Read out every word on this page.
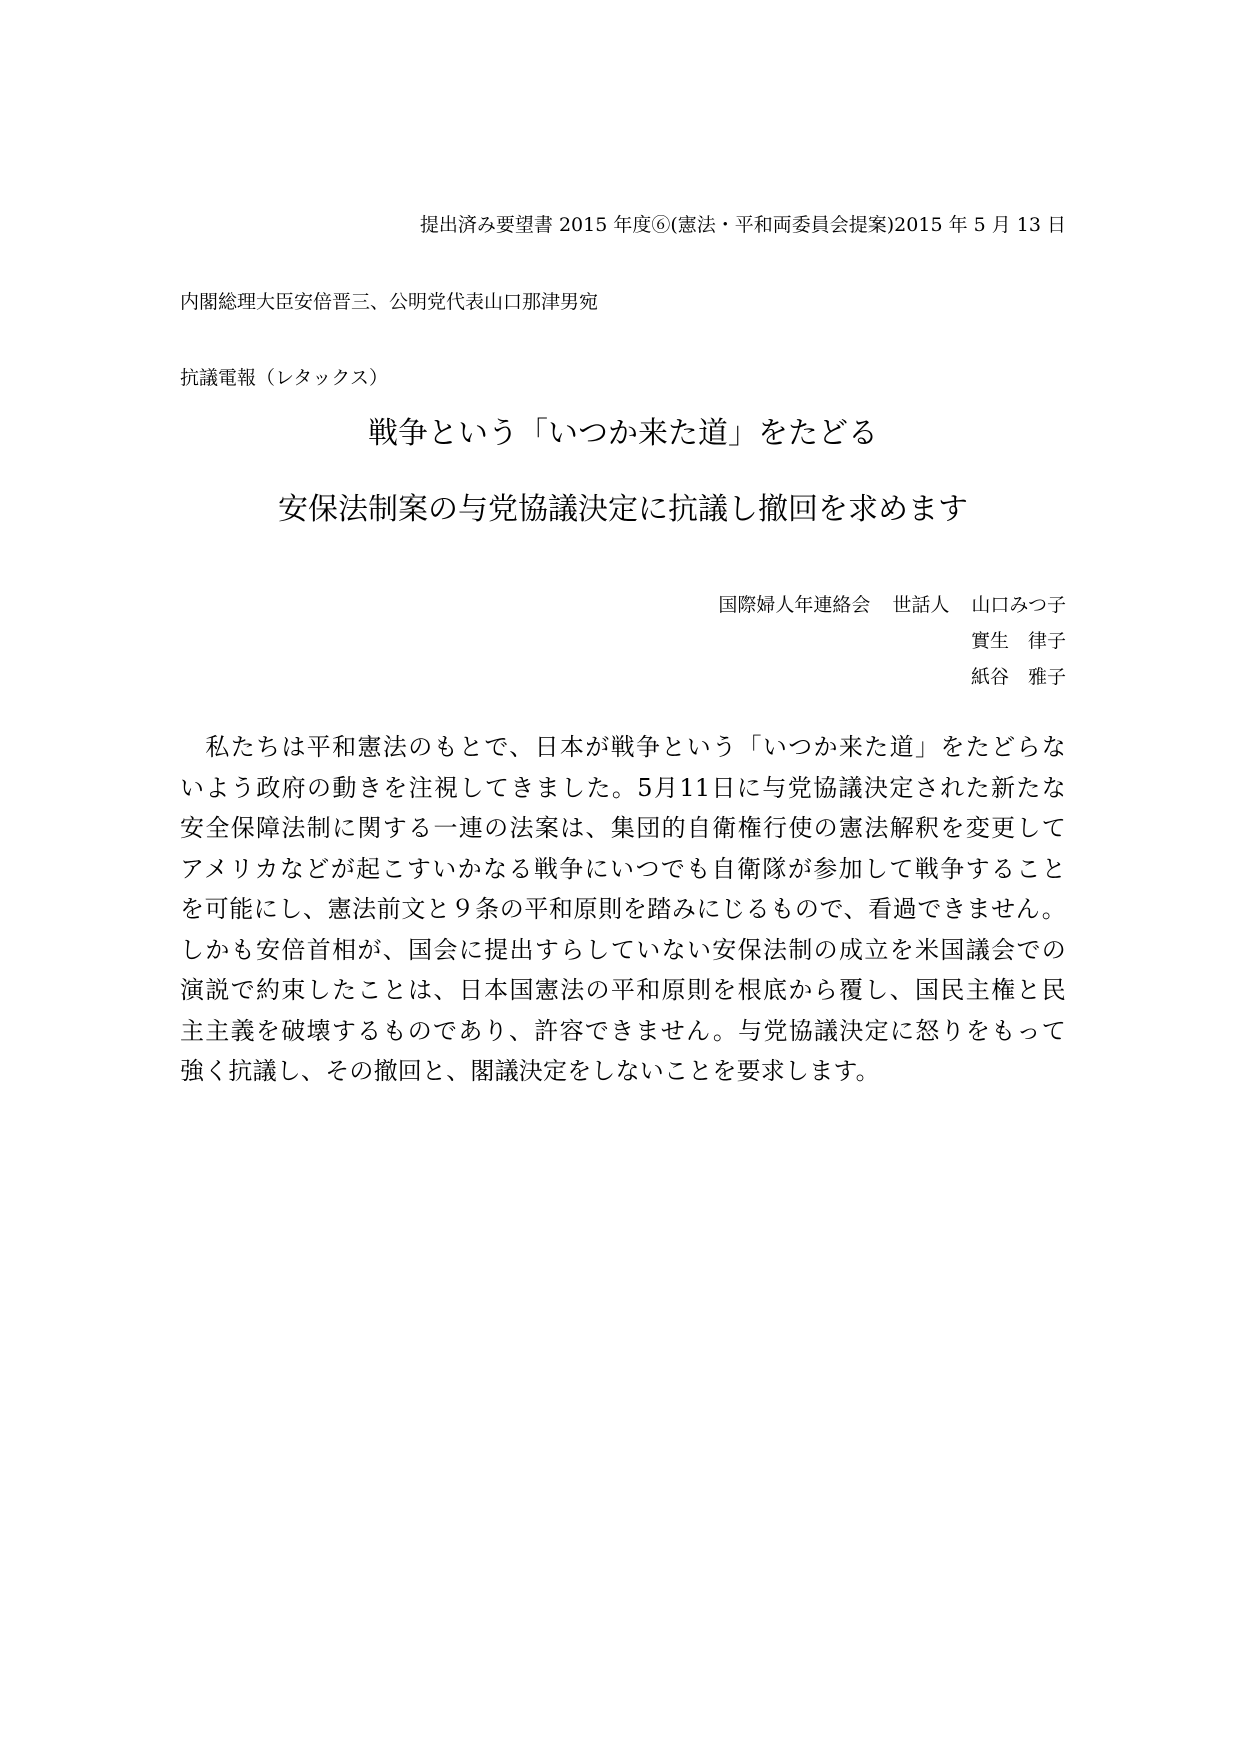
提出済み要望書 2015 年度⑥(憲法・平和両委員会提案)2015 年 5 月 13 日
内閣総理大臣安倍晋三、公明党代表山口那津男宛
抗議電報（レタックス）
戦争という「いつか来た道」をたどる
安保法制案の与党協議決定に抗議し撤回を求めます
国際婦人年連絡会 世話人 山口みつ子
實生　律子
紙谷　雅子
　私たちは平和憲法のもとで、日本が戦争という「いつか来た道」をたどらな
いよう政府の動きを注視してきました。5月11日に与党協議決定された新たな
安全保障法制に関する一連の法案は、集団的自衛権行使の憲法解釈を変更して
アメリカなどが起こすいかなる戦争にいつでも自衛隊が参加して戦争すること
を可能にし、憲法前文と９条の平和原則を踏みにじるもので、看過できません。
しかも安倍首相が、国会に提出すらしていない安保法制の成立を米国議会での
演説で約束したことは、日本国憲法の平和原則を根底から覆し、国民主権と民
主主義を破壊するものであり、許容できません。与党協議決定に怒りをもって
強く抗議し、その撤回と、閣議決定をしないことを要求します。
